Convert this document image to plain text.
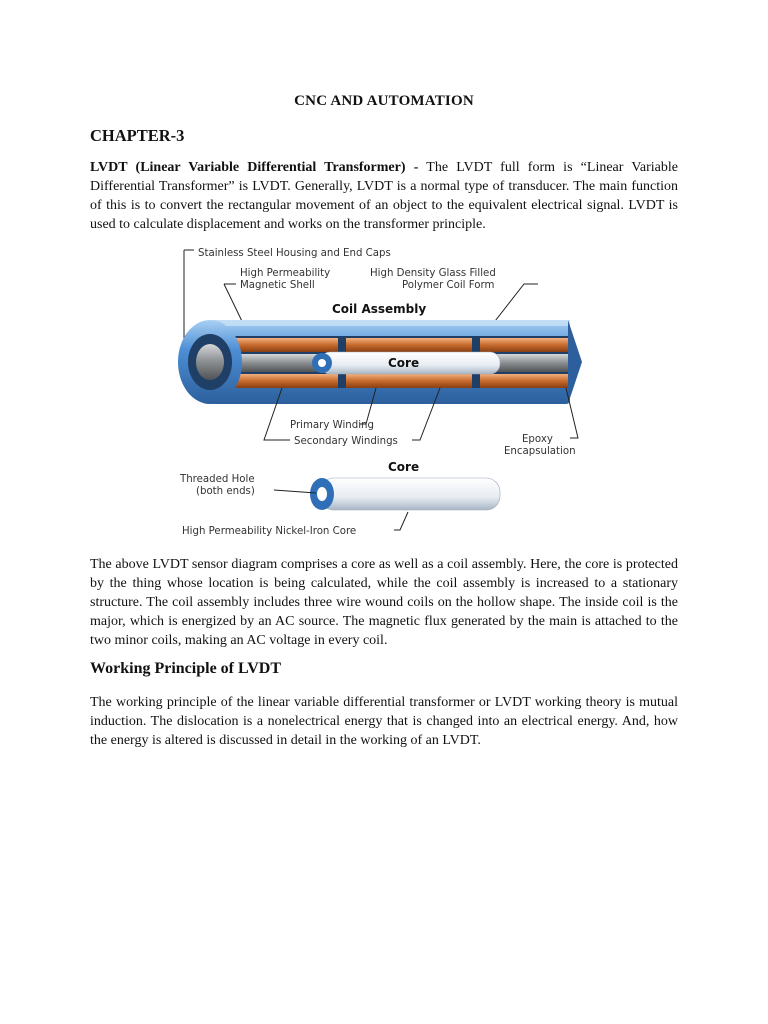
CNC AND AUTOMATION
CHAPTER-3
LVDT (Linear Variable Differential Transformer) - The LVDT full form is “Linear Variable Differential Transformer” is LVDT. Generally, LVDT is a normal type of transducer. The main function of this is to convert the rectangular movement of an object to the equivalent electrical signal. LVDT is used to calculate displacement and works on the transformer principle.
Stainless Steel Housing and End Caps
High Permeability
Magnetic Shell
High Density Glass Filled
Polymer Coil Form
Coil Assembly
Core
Secondary Windings
Primary Winding
Epoxy
Encapsulation
Core
Threaded Hole
(both ends)
High Permeability Nickel-Iron Core
The above LVDT sensor diagram comprises a core as well as a coil assembly. Here, the core is protected by the thing whose location is being calculated, while the coil assembly is increased to a stationary structure. The coil assembly includes three wire wound coils on the hollow shape. The inside coil is the major, which is energized by an AC source. The magnetic flux generated by the main is attached to the two minor coils, making an AC voltage in every coil.
Working Principle of LVDT
The working principle of the linear variable differential transformer or LVDT working theory is mutual induction. The dislocation is a nonelectrical energy that is changed into an electrical energy. And, how the energy is altered is discussed in detail in the working of an LVDT.
